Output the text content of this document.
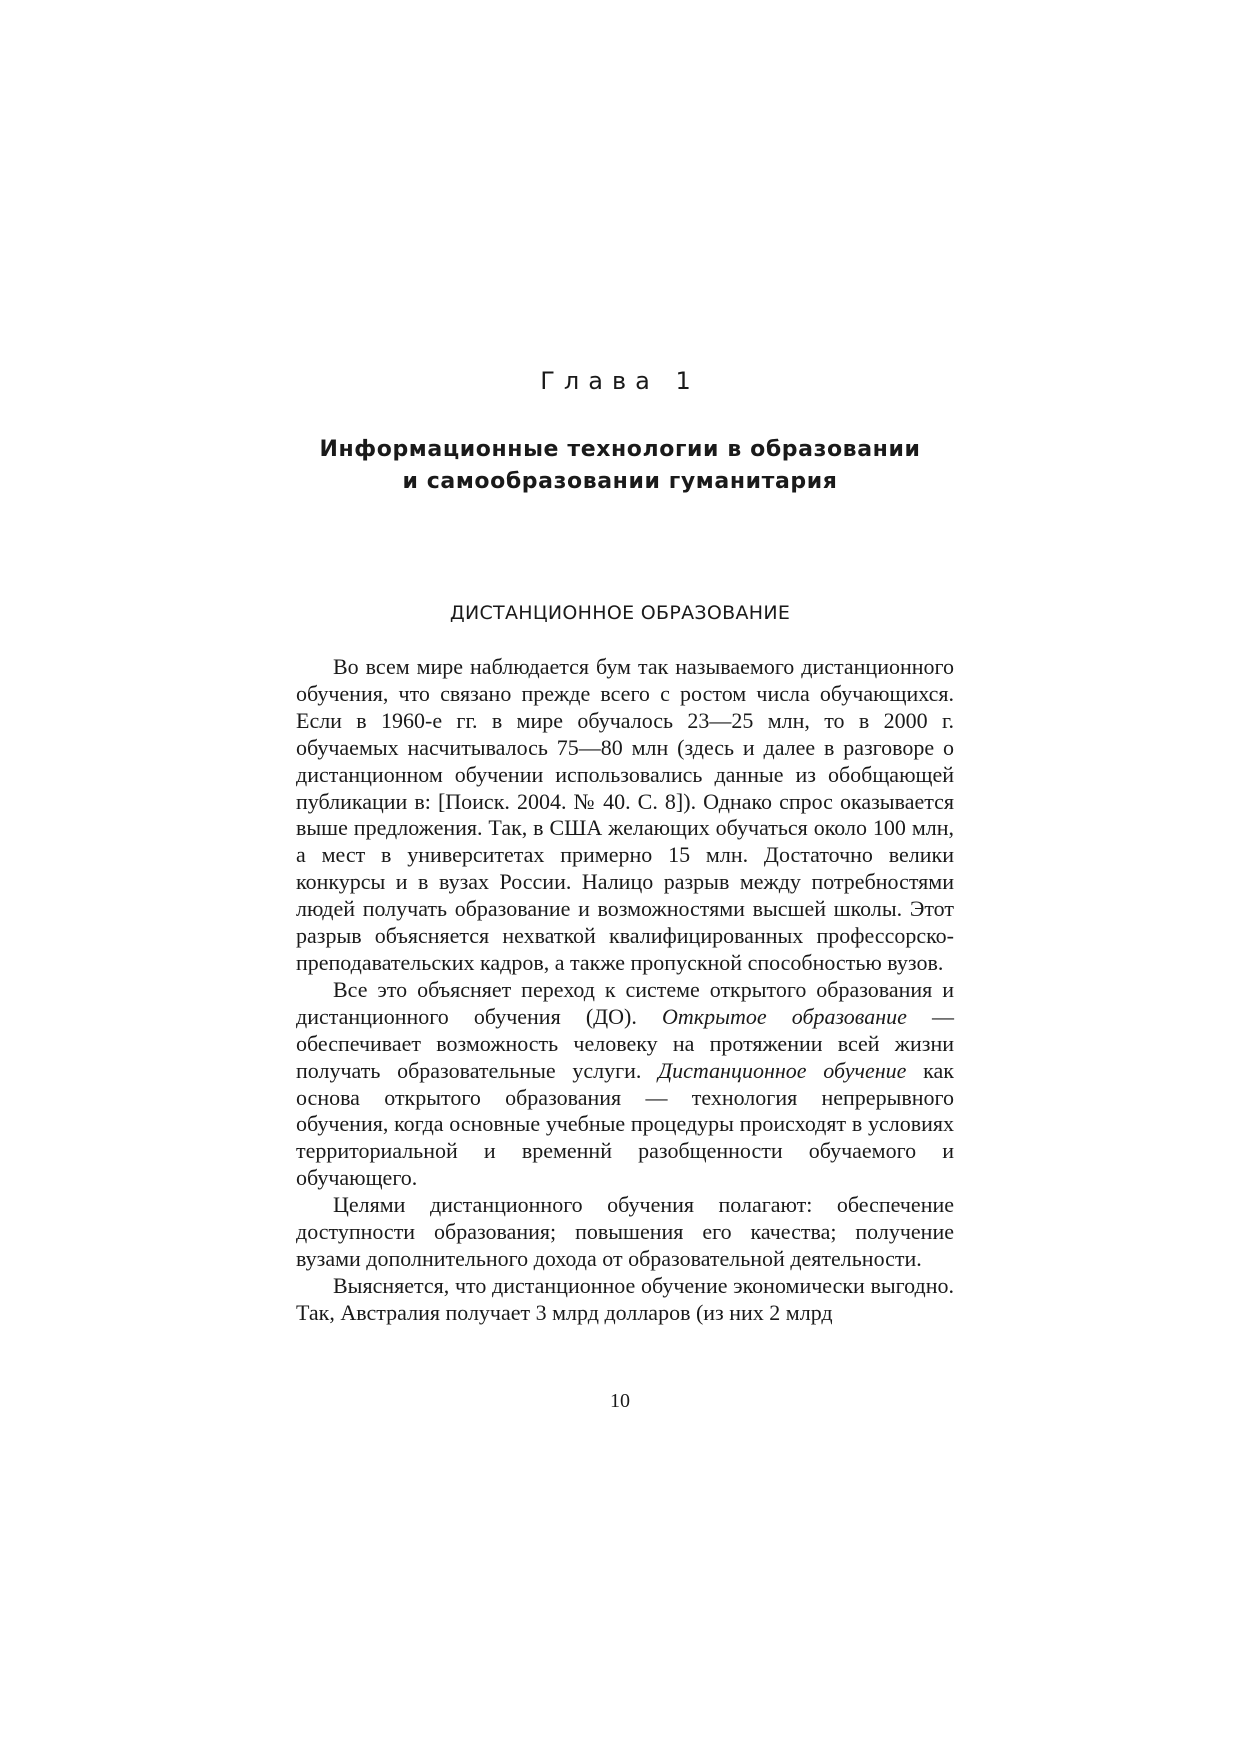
Глава 1
Информационные технологии в образовании
и самообразовании гуманитария
ДИСТАНЦИОННОЕ ОБРАЗОВАНИЕ

Во всем мире наблюдается бум так называемого дистанционного обучения, что связано прежде всего с ростом числа обучающихся. Если в 1960-е гг. в мире обучалось 23—25 млн, то в 2000 г. обучаемых насчитывалось 75—80 млн (здесь и далее в разговоре о дистанционном обучении использовались данные из обобщающей публикации в: [Поиск. 2004. № 40. С. 8]). Однако спрос оказывается выше предложения. Так, в США желающих обучаться около 100 млн, а мест в университетах примерно 15 млн. Достаточно велики конкурсы и в вузах России. Налицо разрыв между потребностями людей получать образование и возможностями высшей школы. Этот разрыв объясняется нехваткой квалифицированных профессорско-преподавательских кадров, а также пропускной способностью вузов.

Все это объясняет переход к системе открытого образования и дистанционного обучения (ДО). Открытое образование — обеспечивает возможность человеку на протяжении всей жизни получать образовательные услуги. Дистанционное обучение как основа открытого образования — технология непрерывного обучения, когда основные учебные процедуры происходят в условиях территориальной и временнй разобщенности обучаемого и обучающего.

Целями дистанционного обучения полагают: обеспечение доступности образования; повышения его качества; получение вузами дополнительного дохода от образовательной деятельности.

Выясняется, что дистанционное обучение экономически выгодно. Так, Австралия получает 3 млрд долларов (из них 2 млрд

10
